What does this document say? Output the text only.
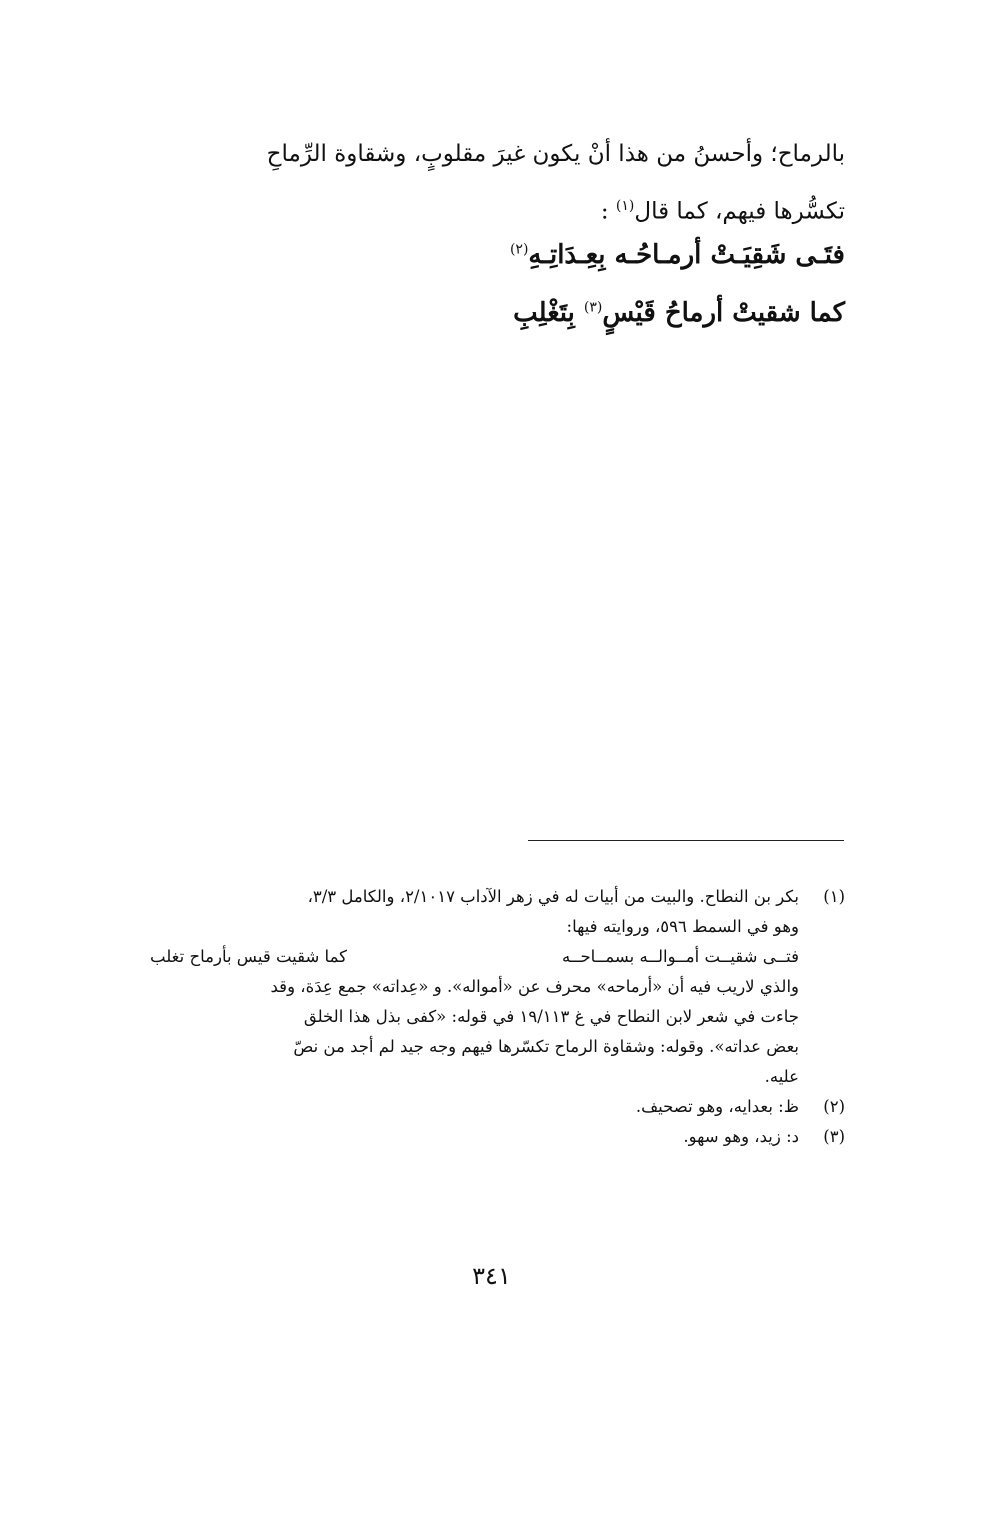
بالرماح؛ وأحسنُ من هذا أنْ يكون غيرَ مقلوبٍ، وشقاوة الرِّماحِ
تكسُّرها فيهم، كما قال$^{(١)}$ :
فتَـى شَقِيَـتْ أرمـاحُـه بِعِـدَاتِـهِ$^{(٢)}$
كما شقيتْ أرماحُ قَيْسٍ$^{(٣)}$ بِتَغْلِبِ
(١)
بكر بن النطاح. والبيت من أبيات له في زهر الآداب ٢/١٠١٧، والكامل ٣/٣،
وهو في السمط ٥٩٦، وروايته فيها:
فتــى شقيــت أمــوالــه بسمــاحــه
كما شقيت قيس بأرماح تغلب
والذي لاريب فيه أن «أرماحه» محرف عن «أمواله». و «عِداته» جمع عِدَة، وقد
جاءت في شعر لابن النطاح في غ ١٩/١١٣ في قوله: «كفى بذل هذا الخلق
بعض عداته». وقوله: وشقاوة الرماح تكسّرها فيهم وجه جيد لم أجد من نصّ
عليه.
(٢)
ظ: بعدايه، وهو تصحيف.
(٣)
د: زيد، وهو سهو.
٣٤١
